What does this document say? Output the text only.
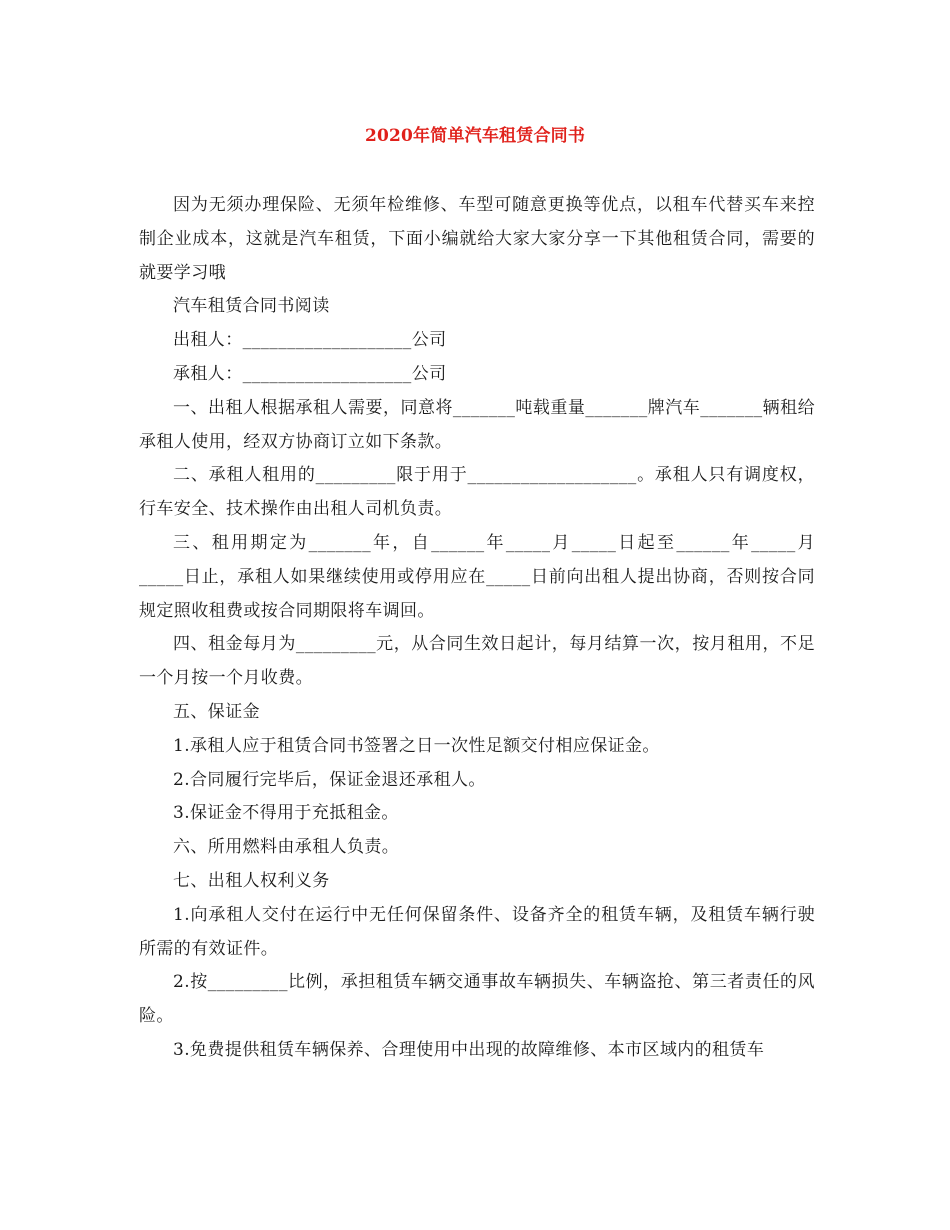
2020年简单汽车租赁合同书

因为无须办理保险、无须年检维修、车型可随意更换等优点，以租车代替买车来控制企业成本，这就是汽车租赁，下面小编就给大家大家分享一下其他租赁合同，需要的就要学习哦

汽车租赁合同书阅读

出租人：___________________公司

承租人：___________________公司

一、出租人根据承租人需要，同意将_______吨载重量_______牌汽车_______辆租给承租人使用，经双方协商订立如下条款。

二、承租人租用的_________限于用于___________________。承租人只有调度权，行车安全、技术操作由出租人司机负责。

三、租用期定为_______年，自______年_____月_____日起至______年_____月_____日止，承租人如果继续使用或停用应在_____日前向出租人提出协商，否则按合同规定照收租费或按合同期限将车调回。

四、租金每月为_________元，从合同生效日起计，每月结算一次，按月租用，不足一个月按一个月收费。

五、保证金

1.承租人应于租赁合同书签署之日一次性足额交付相应保证金。

2.合同履行完毕后，保证金退还承租人。

3.保证金不得用于充抵租金。

六、所用燃料由承租人负责。

七、出租人权利义务

1.向承租人交付在运行中无任何保留条件、设备齐全的租赁车辆，及租赁车辆行驶所需的有效证件。

2.按_________比例，承担租赁车辆交通事故车辆损失、车辆盗抢、第三者责任的风险。

3.免费提供租赁车辆保养、合理使用中出现的故障维修、本市区域内的租赁车
